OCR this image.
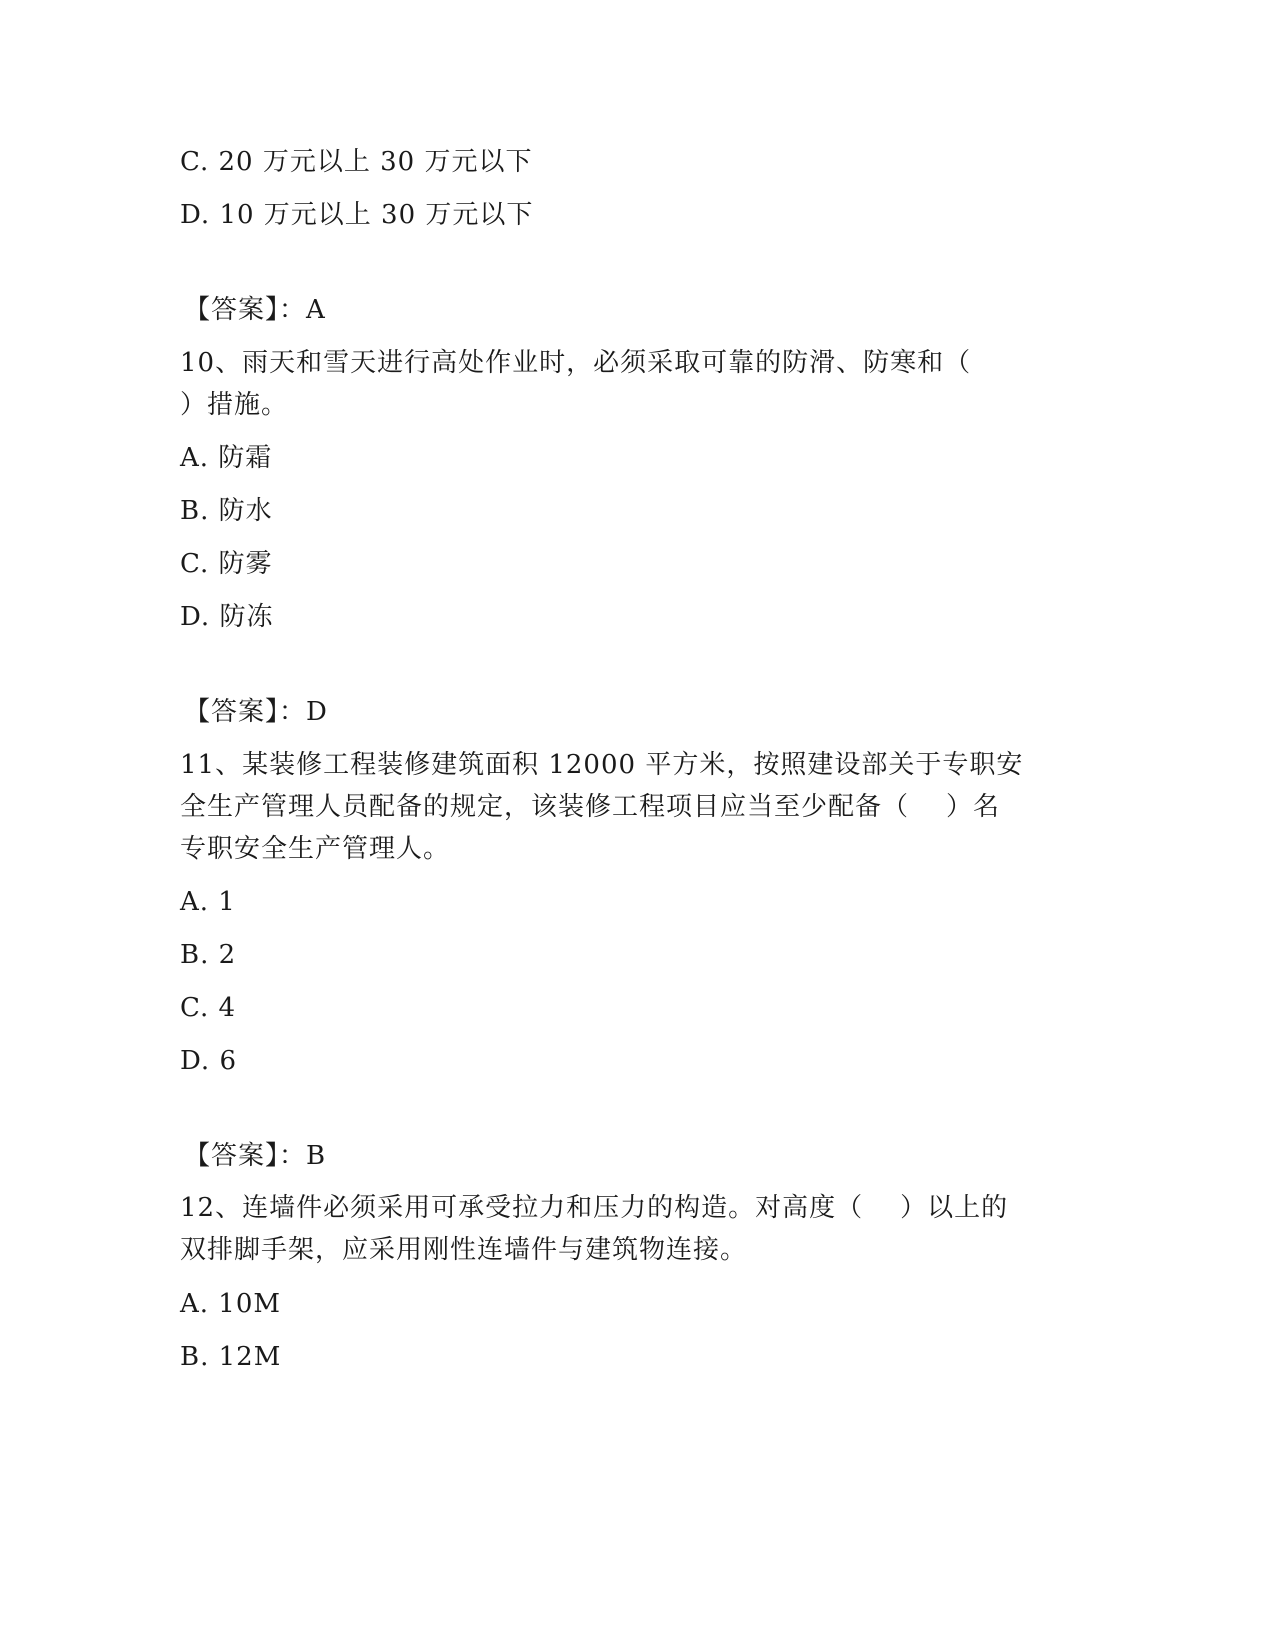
C. 20 万元以上 30 万元以下
D. 10 万元以上 30 万元以下
【答案】：A
10、雨天和雪天进行高处作业时，必须采取可靠的防滑、防寒和（
）措施。
A. 防霜
B. 防水
C. 防雾
D. 防冻
【答案】：D
11、某装修工程装修建筑面积 12000 平方米，按照建设部关于专职安
全生产管理人员配备的规定，该装修工程项目应当至少配备（    ）名
专职安全生产管理人。
A. 1
B. 2
C. 4
D. 6
【答案】：B
12、连墙件必须采用可承受拉力和压力的构造。对高度（    ）以上的
双排脚手架，应采用刚性连墙件与建筑物连接。
A. 10M
B. 12M
